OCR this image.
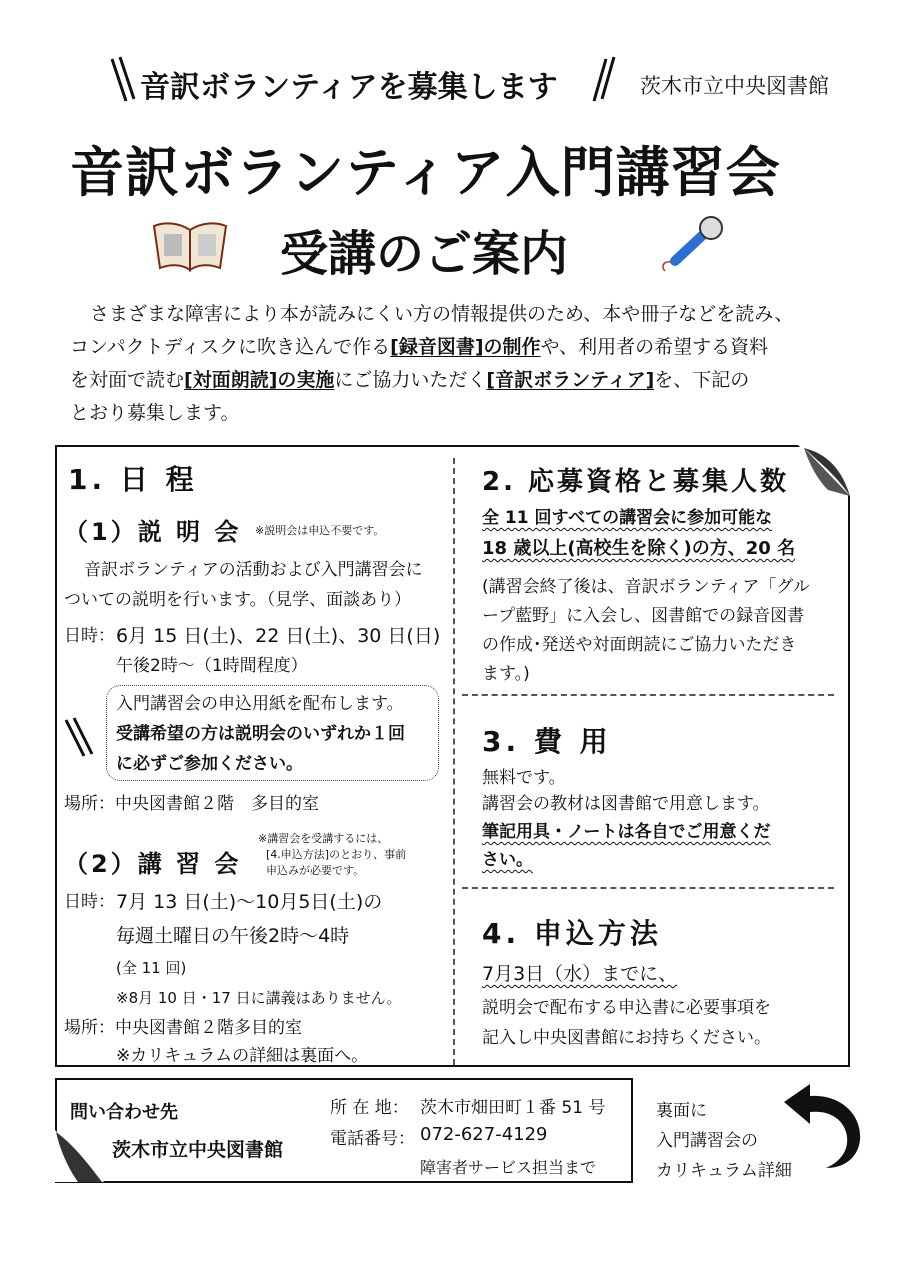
音訳ボランティアを募集します	茨木市立中央図書館
音訳ボランティア入門講習会
受講のご案内
さまざまな障害により本が読みにくい方の情報提供のため、本や冊子などを読み、
コンパクトディスクに吹き込んで作る[録音図書]の制作や、利用者の希望する資料
を対面で読む[対面朗読]の実施にご協力いただく[音訳ボランティア]を、下記の
とおり募集します。
1. 日 程
（1）説 明 会 ※説明会は申込不要です。
音訳ボランティアの活動および入門講習会に
ついての説明を行います。（見学、面談あり）
日時： 6月 15 日(土)、22 日(土)、30 日(日)
午後2時〜（1時間程度）
入門講習会の申込用紙を配布します。
受講希望の方は説明会のいずれか１回
に必ずご参加ください。
場所：中央図書館２階　多目的室
（2）講 習 会
※講習会を受講するには、
[4.申込方法]のとおり、事前
申込みが必要です。
日時： 7月 13 日(土)〜10月5日(土)の
毎週土曜日の午後2時〜4時
(全 11 回)
※8月 10 日・17 日に講義はありません。
場所：中央図書館２階多目的室
※カリキュラムの詳細は裏面へ。
2. 応募資格と募集人数
全 11 回すべての講習会に参加可能な
18 歳以上(高校生を除く)の方、20 名
(講習会終了後は、音訳ボランティア「グル
ープ藍野」に入会し、図書館での録音図書
の作成･発送や対面朗読にご協力いただき
ます。)
3. 費 用
無料です。
講習会の教材は図書館で用意します。
筆記用具・ノートは各自でご用意くだ
さい。
4. 申込方法
7月3日（水）までに、
説明会で配布する申込書に必要事項を
記入し中央図書館にお持ちください。
問い合わせ先
茨木市立中央図書館
所 在 地： 茨木市畑田町１番 51 号
電話番号： 072-627-4129
障害者サービス担当まで
裏面に
入門講習会の
カリキュラム詳細
